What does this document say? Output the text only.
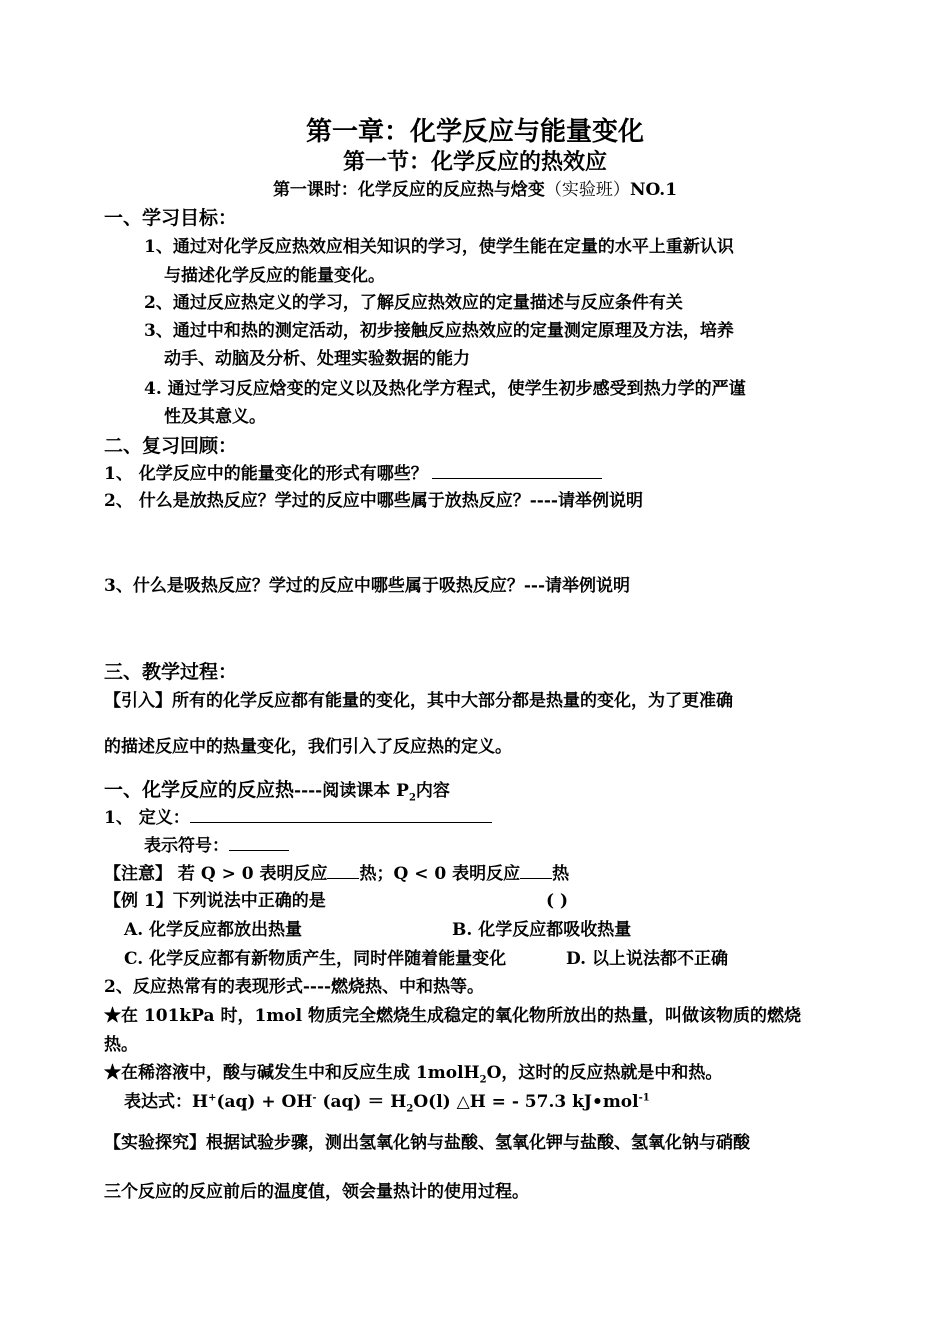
第一章：化学反应与能量变化
第一节：化学反应的热效应
第一课时：化学反应的反应热与焓变（实验班）NO.1
一、学习目标：
1、通过对化学反应热效应相关知识的学习，使学生能在定量的水平上重新认识
与描述化学反应的能量变化。
2、通过反应热定义的学习，了解反应热效应的定量描述与反应条件有关
3、通过中和热的测定活动，初步接触反应热效应的定量测定原理及方法，培养
动手、动脑及分析、处理实验数据的能力
4. 通过学习反应焓变的定义以及热化学方程式，使学生初步感受到热力学的严谨
性及其意义。
二、复习回顾：
1、 化学反应中的能量变化的形式有哪些？
2、 什么是放热反应？学过的反应中哪些属于放热反应？----请举例说明
3、什么是吸热反应？学过的反应中哪些属于吸热反应？---请举例说明
三、教学过程：
【引入】所有的化学反应都有能量的变化，其中大部分都是热量的变化，为了更准确
的描述反应中的热量变化，我们引入了反应热的定义。
一、化学反应的反应热----阅读课本 $P_2$内容
1、 定义：
表示符号：
【注意】 若 Q > 0 表明反应 热；Q < 0 表明反应 热
【例 1】下列说法中正确的是	( )
A. 化学反应都放出热量	B. 化学反应都吸收热量
C. 化学反应都有新物质产生，同时伴随着能量变化	D. 以上说法都不正确
2、反应热常有的表现形式----燃烧热、中和热等。
★在 101kPa 时，1mol 物质完全燃烧生成稳定的氧化物所放出的热量，叫做该物质的燃烧
热。
★在稀溶液中，酸与碱发生中和反应生成 1molH$_2$O，这时的反应热就是中和热。
表达式：H+(aq) + OH- $(aq) = H_2O(l)$ △H = - 57.3 kJ•mol$^{-1}$
【实验探究】根据试验步骤，测出氢氧化钠与盐酸、氢氧化钾与盐酸、氢氧化钠与硝酸
三个反应的反应前后的温度值，领会量热计的使用过程。
